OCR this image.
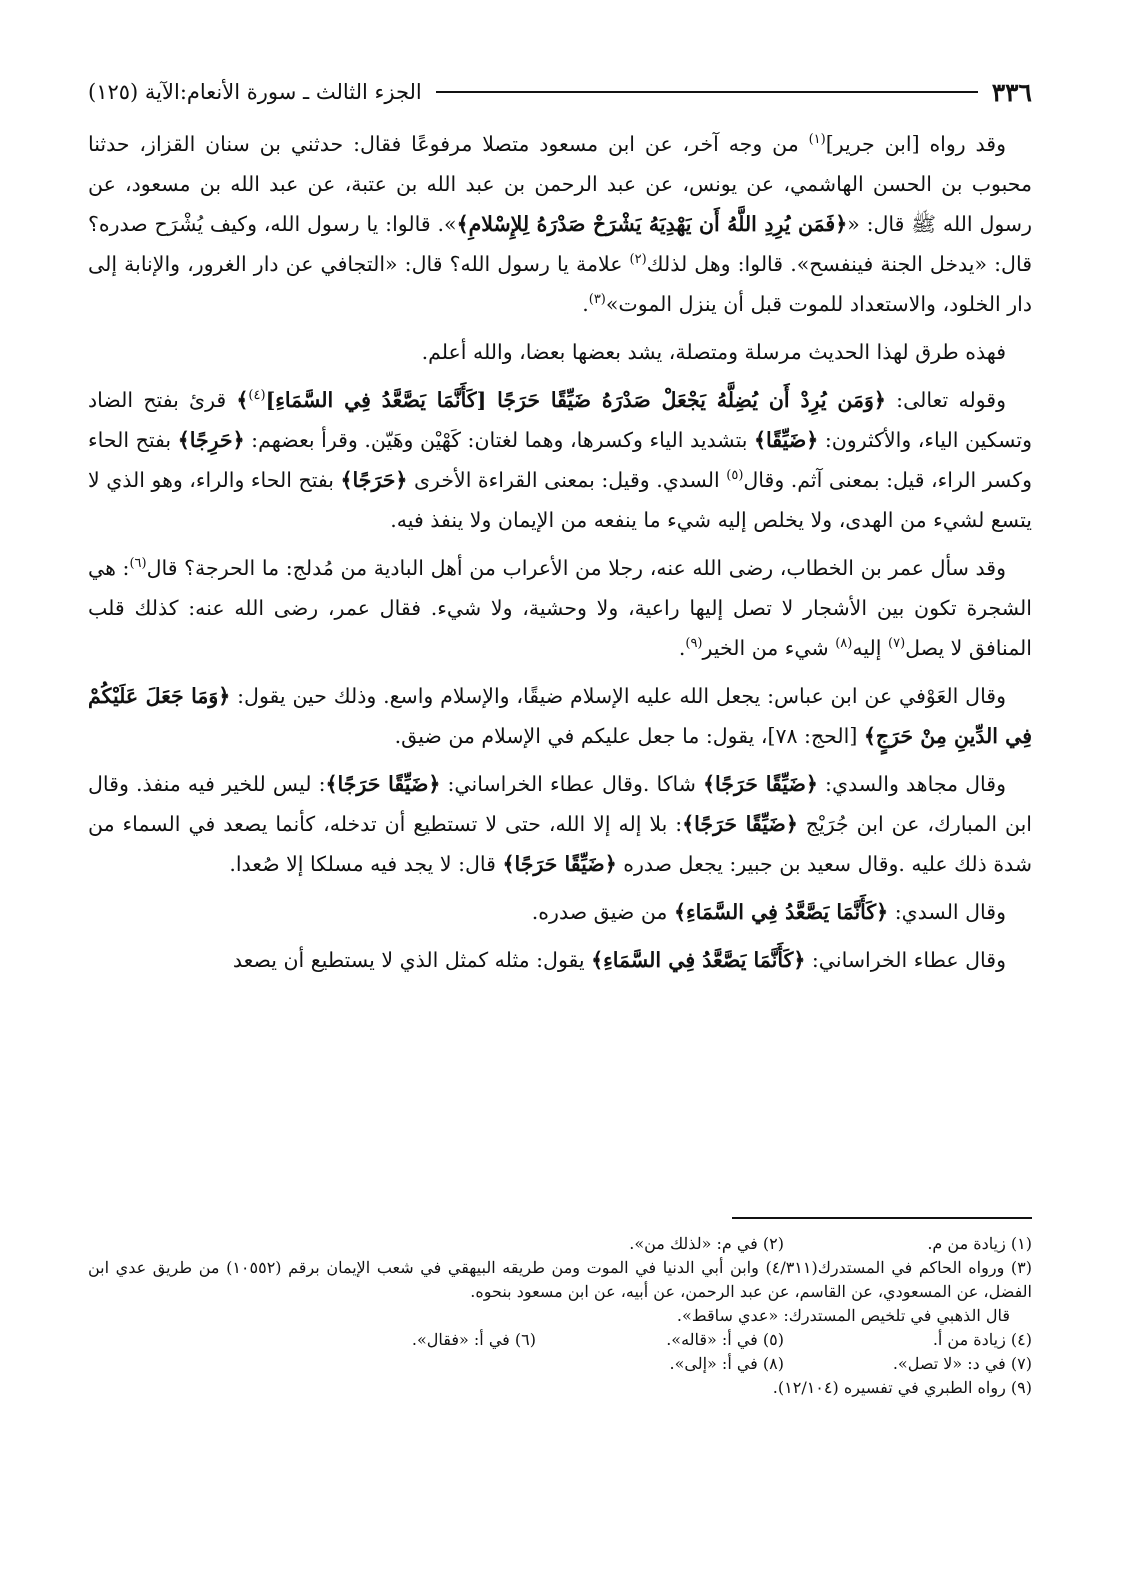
٣٣٦
الجزء الثالث ـ سورة الأنعام:الآية (١٢٥)

وقد رواه [ابن جرير]$^{(١)}$ من وجه آخر، عن ابن مسعود متصلا مرفوعًا فقال: حدثني بن سنان القزاز، حدثنا محبوب بن الحسن الهاشمي، عن يونس، عن عبد الرحمن بن عبد الله بن عتبة، عن عبد الله بن مسعود، عن رسول الله ﷺ قال: «﴿فَمَن يُرِدِ اللَّهُ أَن يَهْدِيَهُ يَشْرَحْ صَدْرَهُ لِلإِسْلامِ﴾». قالوا: يا رسول الله، وكيف يُشْرَح صدره؟ قال: «يدخل الجنة فينفسح». قالوا: وهل لذلك$^{(٢)}$ علامة يا رسول الله؟ قال: «التجافي عن دار الغرور، والإنابة إلى دار الخلود، والاستعداد للموت قبل أن ينزل الموت»$^{(٣)}$.

فهذه طرق لهذا الحديث مرسلة ومتصلة، يشد بعضها بعضا، والله أعلم.

وقوله تعالى: ﴿وَمَن يُرِدْ أَن يُضِلَّهُ يَجْعَلْ صَدْرَهُ ضَيِّقًا حَرَجًا [كَأَنَّمَا يَصَّعَّدُ فِي السَّمَاءِ]$^{(٤)}$﴾ قرئ بفتح الضاد وتسكين الياء، والأكثرون: ﴿ضَيِّقًا﴾ بتشديد الياء وكسرها، وهما لغتان: كَهْيْن وهَيّن. وقرأ بعضهم: ﴿حَرِجًا﴾ بفتح الحاء وكسر الراء، قيل: بمعنى آثم. وقال$^{(٥)}$ السدي. وقيل: بمعنى القراءة الأخرى ﴿حَرَجًا﴾ بفتح الحاء والراء، وهو الذي لا يتسع لشيء من الهدى، ولا يخلص إليه شيء ما ينفعه من الإيمان ولا ينفذ فيه.

وقد سأل عمر بن الخطاب، رضى الله عنه، رجلا من الأعراب من أهل البادية من مُدلج: ما الحرجة؟ قال$^{(٦)}$: هي الشجرة تكون بين الأشجار لا تصل إليها راعية، ولا وحشية، ولا شيء. فقال عمر، رضى الله عنه: كذلك قلب المنافق لا يصل$^{(٧)}$ إليه$^{(٨)}$ شيء من الخير$^{(٩)}$.

وقال العَوْفي عن ابن عباس: يجعل الله عليه الإسلام ضيقًا، والإسلام واسع. وذلك حين يقول: ﴿وَمَا جَعَلَ عَلَيْكُمْ فِي الدِّينِ مِنْ حَرَجٍ﴾ [الحج: ٧٨]، يقول: ما جعل عليكم في الإسلام من ضيق.

وقال مجاهد والسدي: ﴿ضَيِّقًا حَرَجًا﴾ شاكا .وقال عطاء الخراساني: ﴿ضَيِّقًا حَرَجًا﴾: ليس للخير فيه منفذ. وقال ابن المبارك، عن ابن جُرَيْج ﴿ضَيِّقًا حَرَجًا﴾: بلا إله إلا الله، حتى لا تستطيع أن تدخله، كأنما يصعد في السماء من شدة ذلك عليه .وقال سعيد بن جبير: يجعل صدره ﴿ضَيِّقًا حَرَجًا﴾ قال: لا يجد فيه مسلكا إلا صُعدا.

وقال السدي: ﴿كَأَنَّمَا يَصَّعَّدُ فِي السَّمَاءِ﴾ من ضيق صدره.

وقال عطاء الخراساني: ﴿كَأَنَّمَا يَصَّعَّدُ فِي السَّمَاءِ﴾ يقول: مثله كمثل الذي لا يستطيع أن يصعد

(١) زيادة من م.
(٢) في م: «لذلك من».
(٣) ورواه الحاكم في المستدرك(٤/٣١١) وابن أبي الدنيا في الموت ومن طريقه البيهقي في شعب الإيمان برقم (١٠٥٥٢) من طريق عدي ابن الفضل، عن المسعودي، عن القاسم، عن عبد الرحمن، عن أبيه، عن ابن مسعود بنحوه.
قال الذهبي في تلخيص المستدرك: «عدي ساقط».
(٤) زيادة من أ.
(٥) في أ: «قاله».
(٦) في أ: «فقال».
(٧) في د: «لا تصل».
(٨) في أ: «إلى».
(٩) رواه الطبري في تفسيره (١٢/١٠٤).
